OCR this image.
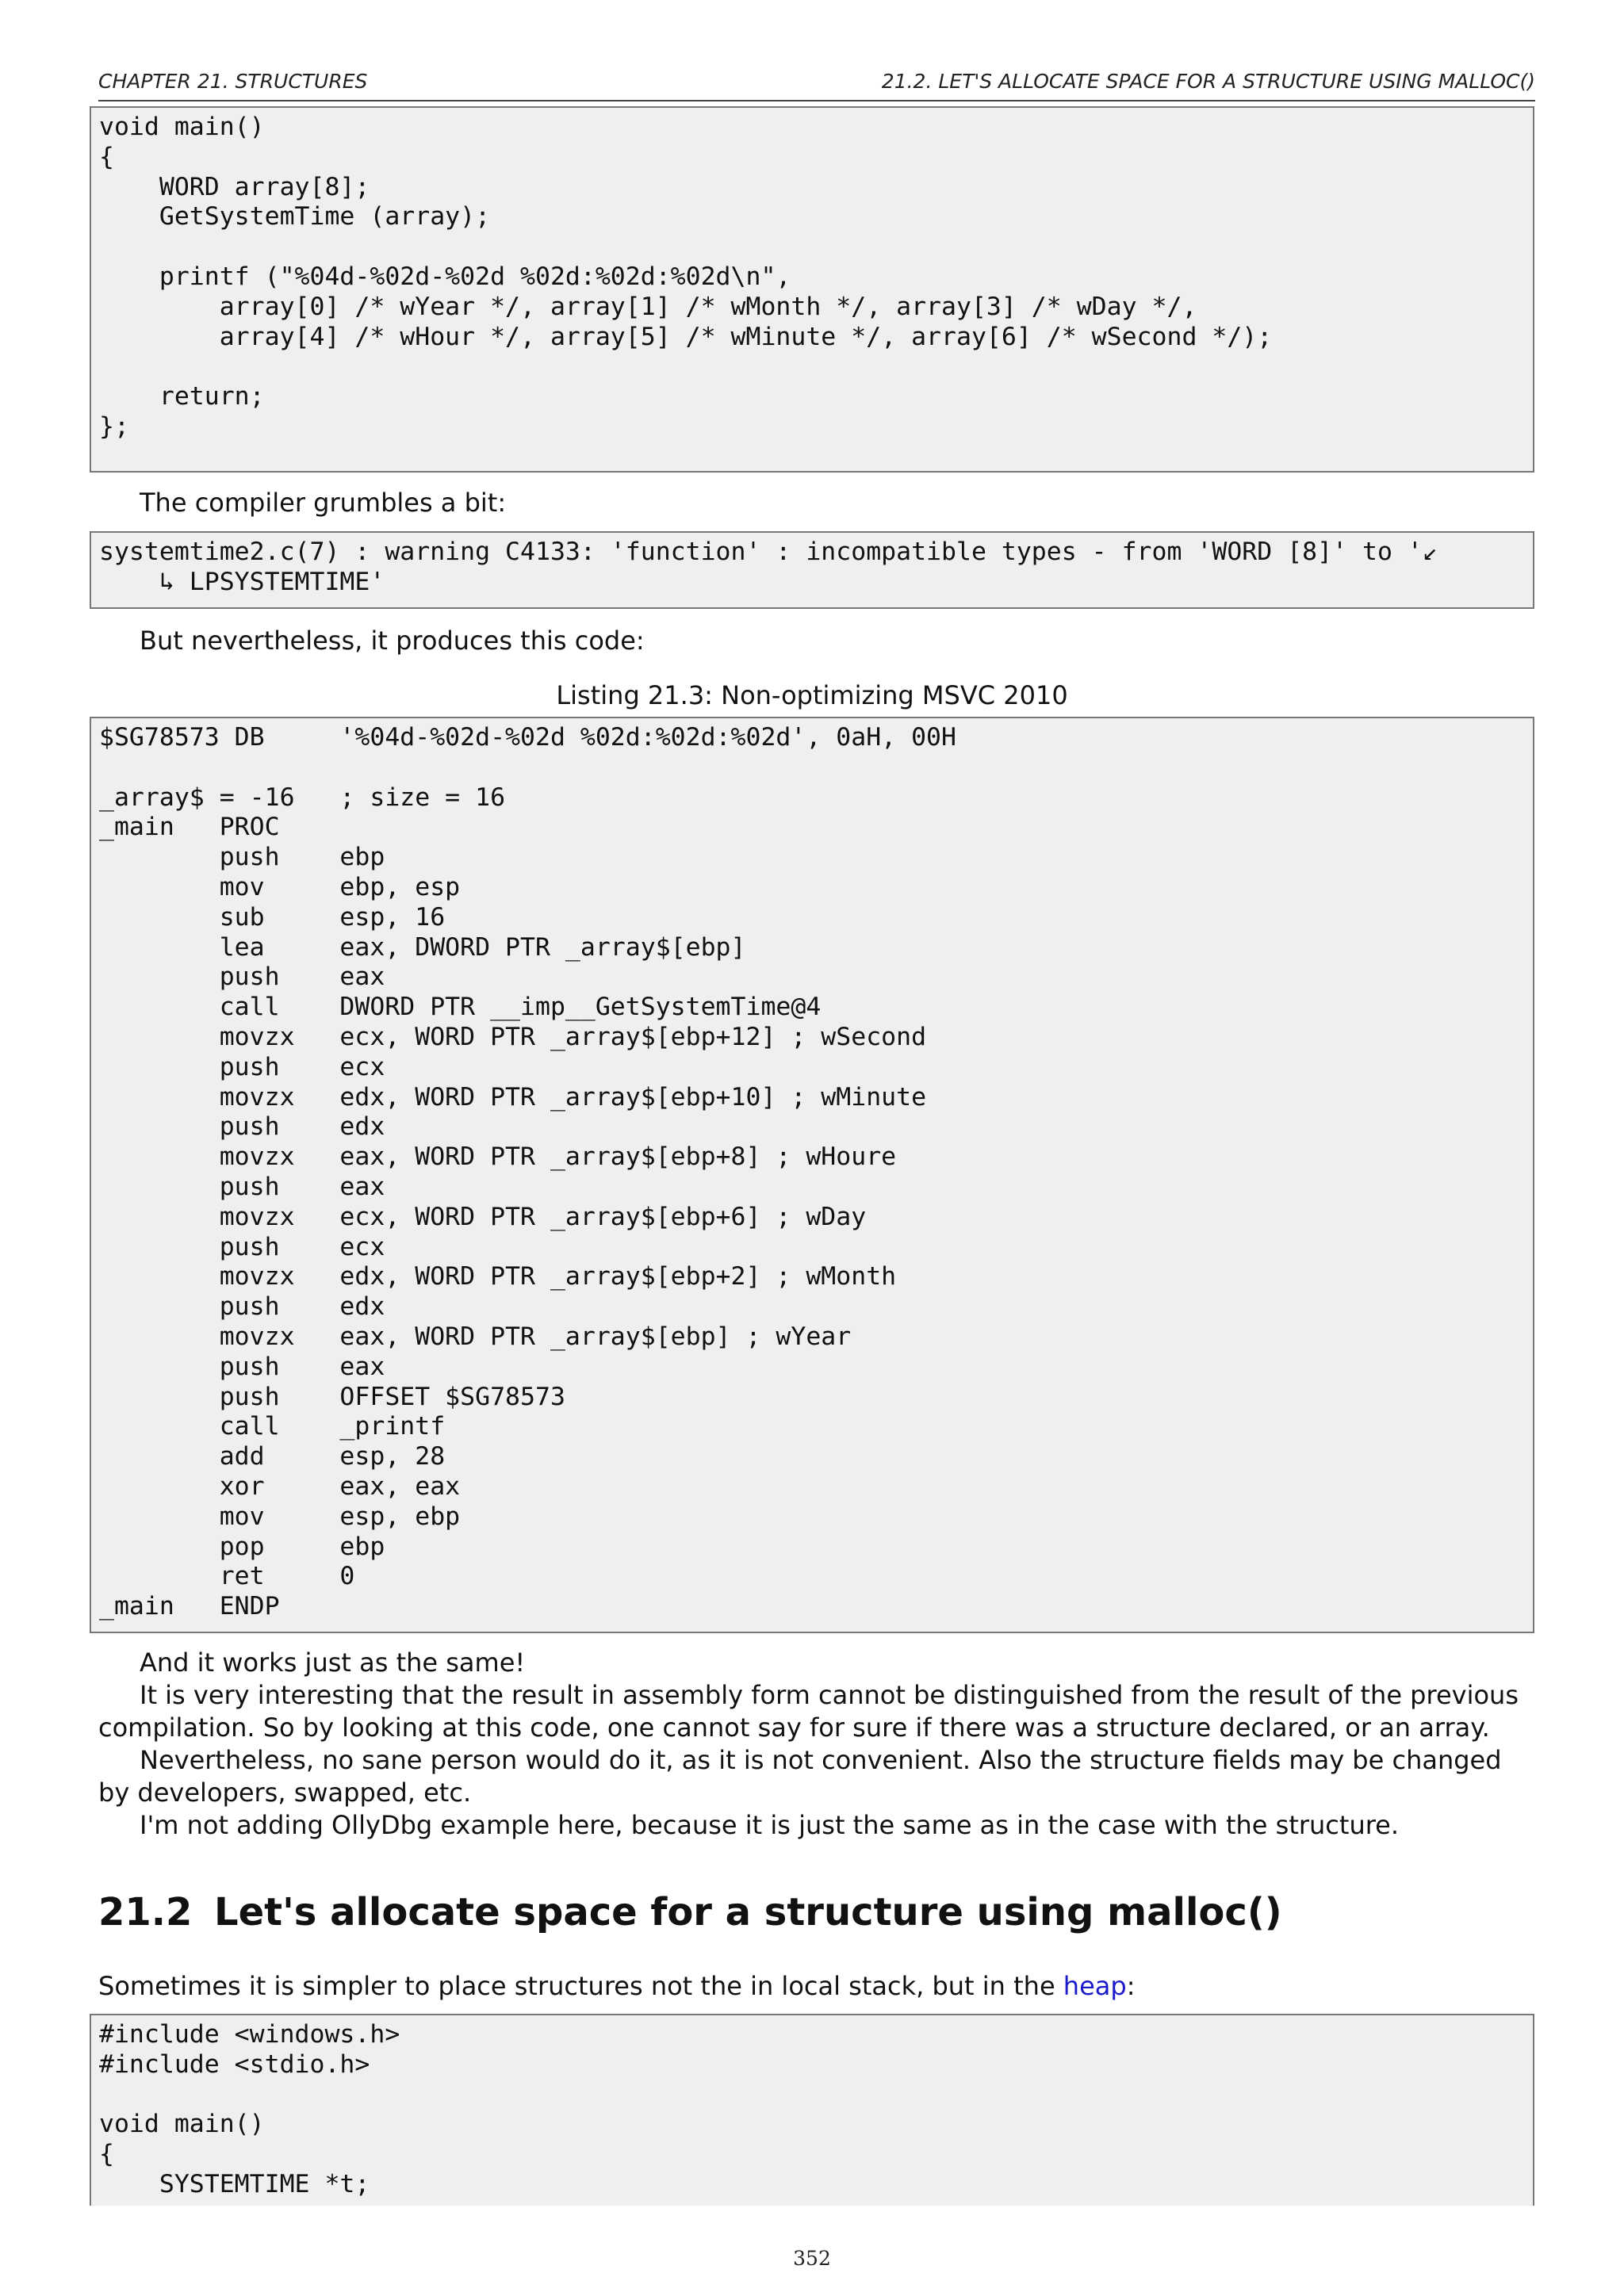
CHAPTER 21. STRUCTURES	21.2. LET'S ALLOCATE SPACE FOR A STRUCTURE USING MALLOC()
void main()
{
WORD array[8];
GetSystemTime (array);

printf ("%04d-%02d-%02d %02d:%02d:%02d\n",
array[0] /* wYear */, array[1] /* wMonth */, array[3] /* wDay */,
array[4] /* wHour */, array[5] /* wMinute */, array[6] /* wSecond */);

return;
};

The compiler grumbles a bit:

systemtime2.c(7) : warning C4133: 'function' : incompatible types - from 'WORD [8]' to '↙
↳ LPSYSTEMTIME'

But nevertheless, it produces this code:

Listing 21.3: Non-optimizing MSVC 2010
$SG78573 DB     '%04d-%02d-%02d %02d:%02d:%02d', 0aH, 00H

_array$ = -16   ; size = 16
_main   PROC
push    ebp
mov     ebp, esp
sub     esp, 16
lea     eax, DWORD PTR _array$[ebp]
push    eax
call    DWORD PTR __imp__GetSystemTime@4
movzx   ecx, WORD PTR _array$[ebp+12] ; wSecond
push    ecx
movzx   edx, WORD PTR _array$[ebp+10] ; wMinute
push    edx
movzx   eax, WORD PTR _array$[ebp+8] ; wHoure
push    eax
movzx   ecx, WORD PTR _array$[ebp+6] ; wDay
push    ecx
movzx   edx, WORD PTR _array$[ebp+2] ; wMonth
push    edx
movzx   eax, WORD PTR _array$[ebp] ; wYear
push    eax
push    OFFSET $SG78573
call    _printf
add     esp, 28
xor     eax, eax
mov     esp, ebp
pop     ebp
ret     0
_main   ENDP

And it works just as the same!

It is very interesting that the result in assembly form cannot be distinguished from the result of the previous compilation. So by looking at this code, one cannot say for sure if there was a structure declared, or an array.

Nevertheless, no sane person would do it, as it is not convenient. Also the structure fields may be changed by developers, swapped, etc.

I'm not adding OllyDbg example here, because it is just the same as in the case with the structure.

21.2 Let's allocate space for a structure using malloc()

Sometimes it is simpler to place structures not the in local stack, but in the heap:

#include <windows.h>
#include <stdio.h>

void main()
{
SYSTEMTIME *t;
352
